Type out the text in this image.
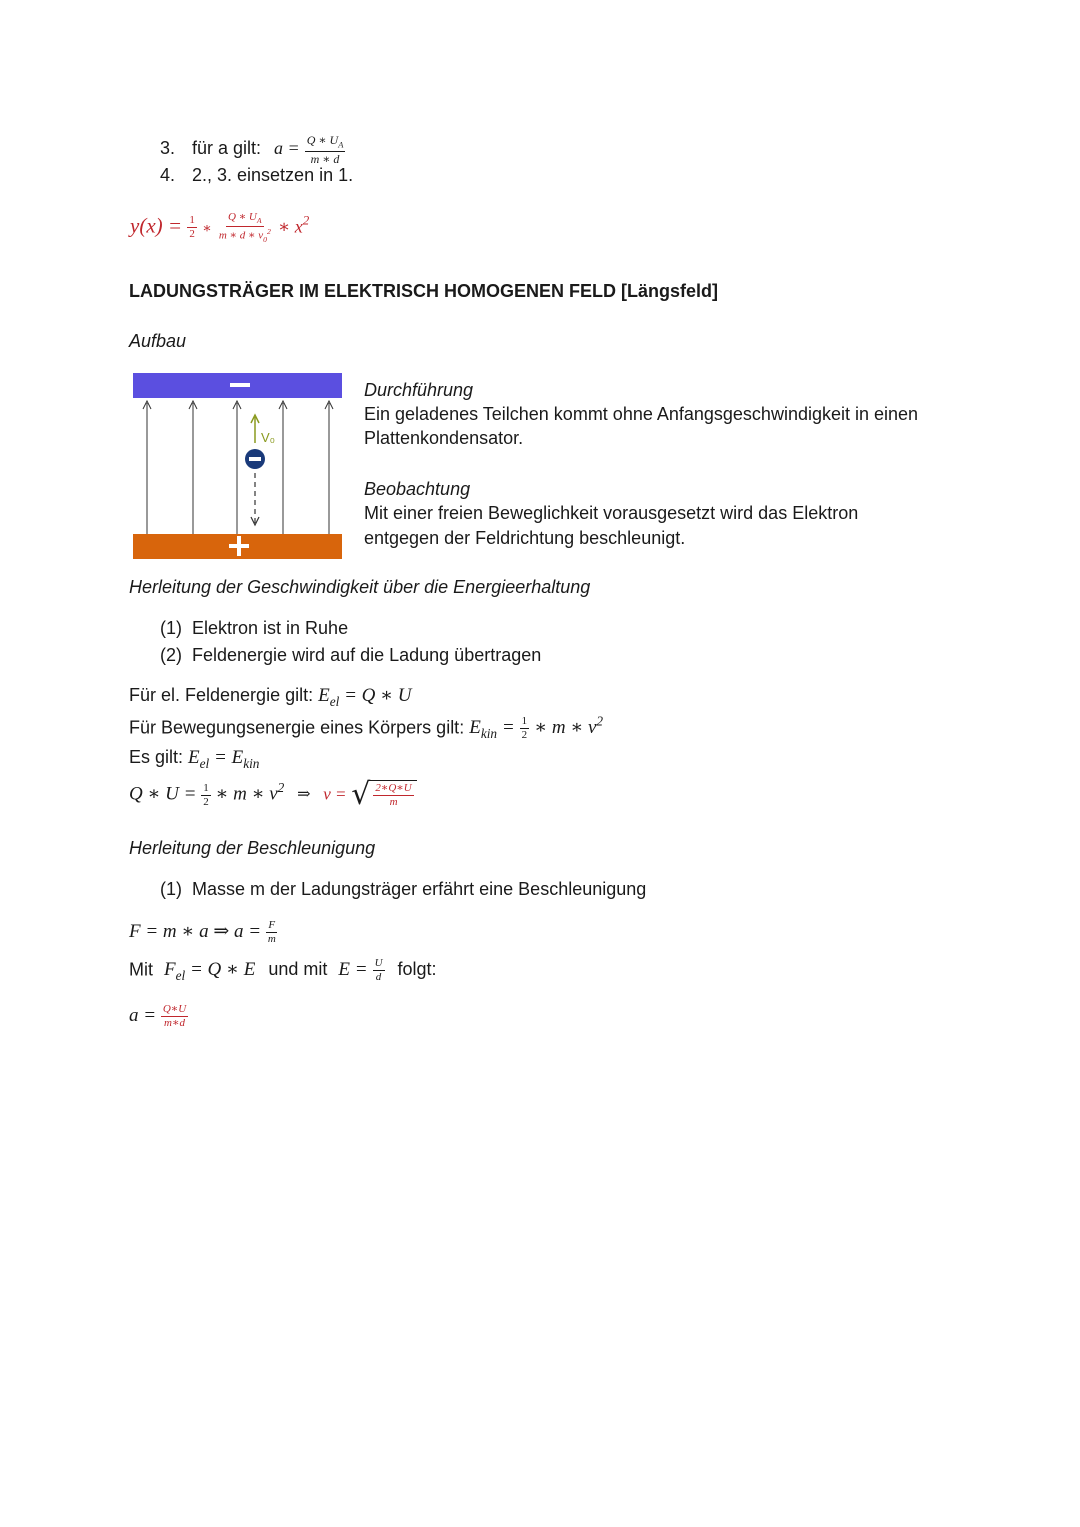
3. für a gilt: $a = \frac{Q ∗ U_A}{m ∗ d}$
4. 2., 3. einsetzen in 1.
$y(x) = \frac{1}{2}$ ∗ $\frac{Q ∗ U_A}{m ∗ d ∗ v_0^2}$ ∗ $x^2$
LADUNGSTRÄGER IM ELEKTRISCH HOMOGENEN FELD [Längsfeld]
Aufbau
V₀
Durchführung
Ein geladenes Teilchen kommt ohne Anfangsgeschwindigkeit in einen
Plattenkondensator.
Beobachtung
Mit einer freien Beweglichkeit vorausgesetzt wird das Elektron
entgegen der Feldrichtung beschleunigt.
Herleitung der Geschwindigkeit über die Energieerhaltung
(1) Elektron ist in Ruhe
(2) Feldenergie wird auf die Ladung übertragen
Für el. Feldenergie gilt: $E_{el} = Q$ ∗ U
Für Bewegungsenergie eines Körpers gilt: $E_{kin} = \frac{1}{2}$ ∗ m ∗ $v^2$
Es gilt: $E_{el} = E_{kin}$
Q ∗ $U = \frac{1}{2}$ ∗ m ∗ $v^2$ ⇒ v = √ $\frac{2∗Q∗U}{m}$
Herleitung der Beschleunigung
(1) Masse m der Ladungsträger erfährt eine Beschleunigung
F = m ∗ a ⇒ $a = \frac{F}{m}$
Mit $F_{el} = Q$ ∗ E und mit $E = \frac{U}{d} folgt$:
$a = \frac{Q∗U}{m∗d}$
